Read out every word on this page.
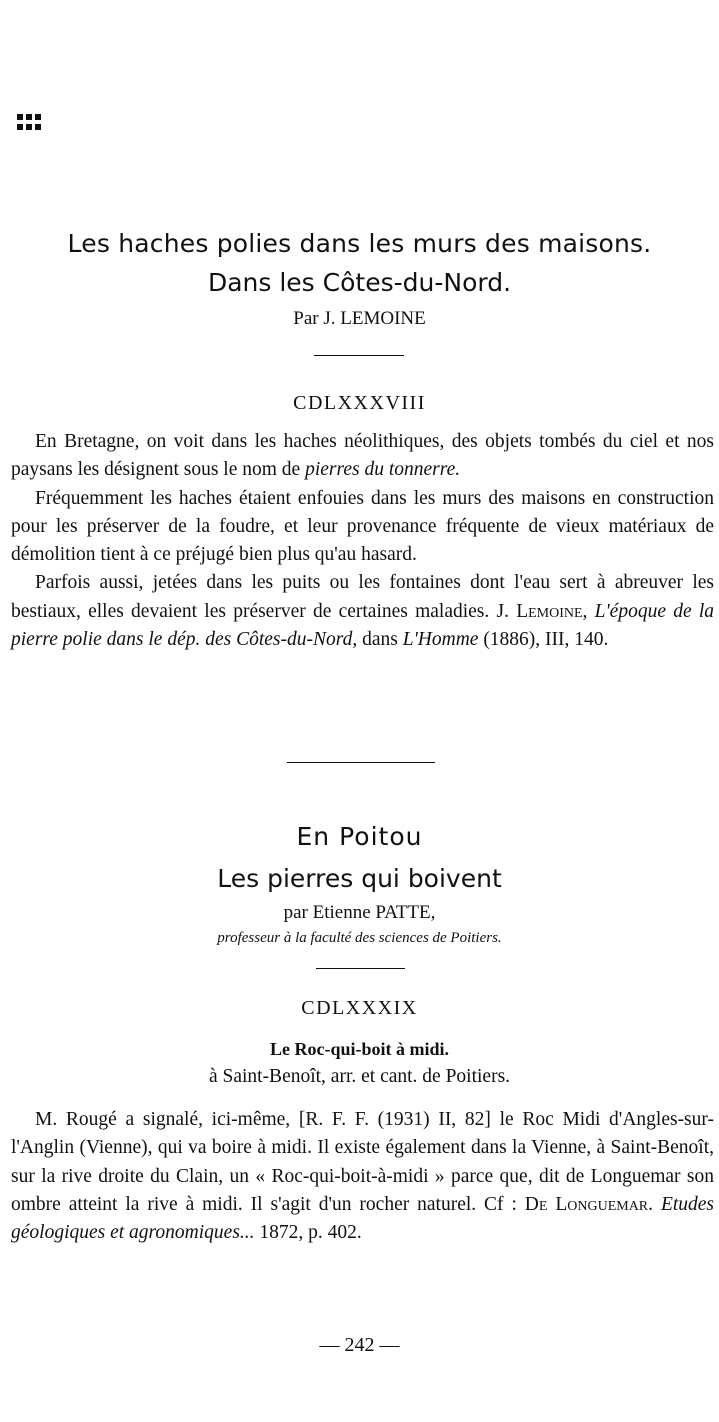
Les haches polies dans les murs des maisons.
Dans les Côtes-du-Nord.
Par J. LEMOINE
CDLXXXVIII

En Bretagne, on voit dans les haches néolithiques, des objets tombés du ciel et nos paysans les désignent sous le nom de pierres du tonnerre.

Fréquemment les haches étaient enfouies dans les murs des maisons en construction pour les préserver de la foudre, et leur provenance fréquente de vieux matériaux de démolition tient à ce préjugé bien plus qu'au hasard.

Parfois aussi, jetées dans les puits ou les fontaines dont l'eau sert à abreuver les bestiaux, elles devaient les préserver de certaines maladies. J. Lemoine, L'époque de la pierre polie dans le dép. des Côtes-du-Nord, dans L'Homme (1886), III, 140.

En Poitou
Les pierres qui boivent
par Etienne PATTE,
professeur à la faculté des sciences de Poitiers.
CDLXXXIX
Le Roc-qui-boit à midi.
à Saint-Benoît, arr. et cant. de Poitiers.

M. Rougé a signalé, ici-même, [R. F. F. (1931) II, 82] le Roc Midi d'Angles-sur-l'Anglin (Vienne), qui va boire à midi. Il existe également dans la Vienne, à Saint-Benoît, sur la rive droite du Clain, un « Roc-qui-boit-à-midi » parce que, dit de Longuemar son ombre atteint la rive à midi. Il s'agit d'un rocher naturel. Cf : De Longuemar. Etudes géologiques et agronomiques... 1872, p. 402.

— 242 —
